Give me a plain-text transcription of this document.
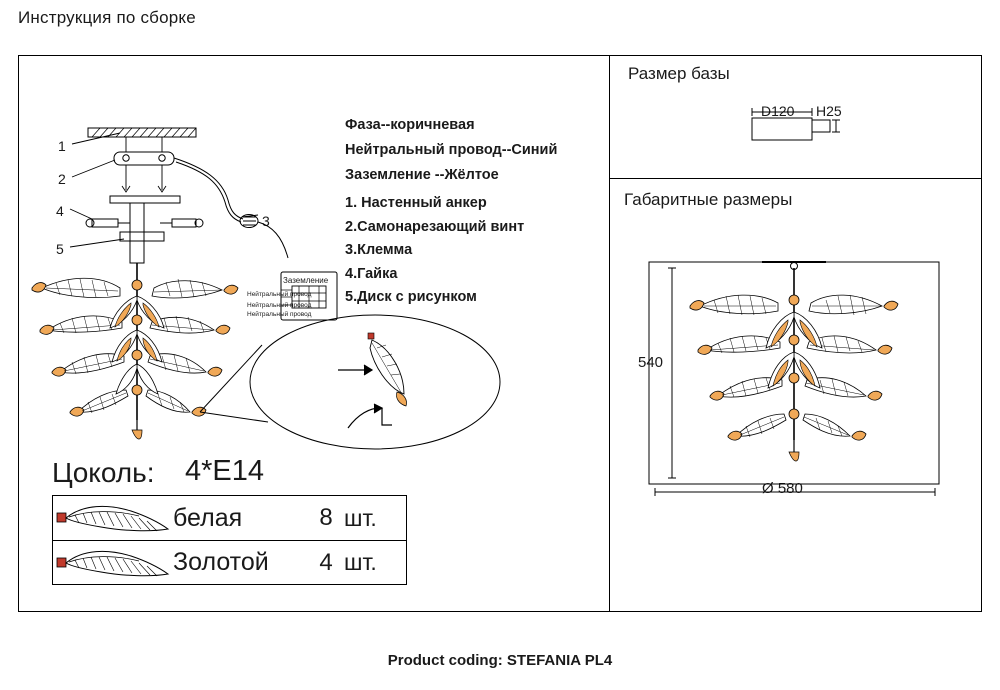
Инструкция по сборке
Размер базы
Габаритные размеры
Фаза--коричневая
Нейтральный провод--Синий
Заземление --Жёлтое
1. Настенный анкер
2.Самонарезающий винт
3.Клемма
4.Гайка
5.Диск с рисунком
1
2
3
4
5
Заземление
Нейтральный провод
Нейтральный провод
Нейтральный провод
Цоколь: 4*E14
белая	8 шт.
Золотой	4 шт.
D120 H25
540
Ø 580
Product coding: STEFANIA PL4
